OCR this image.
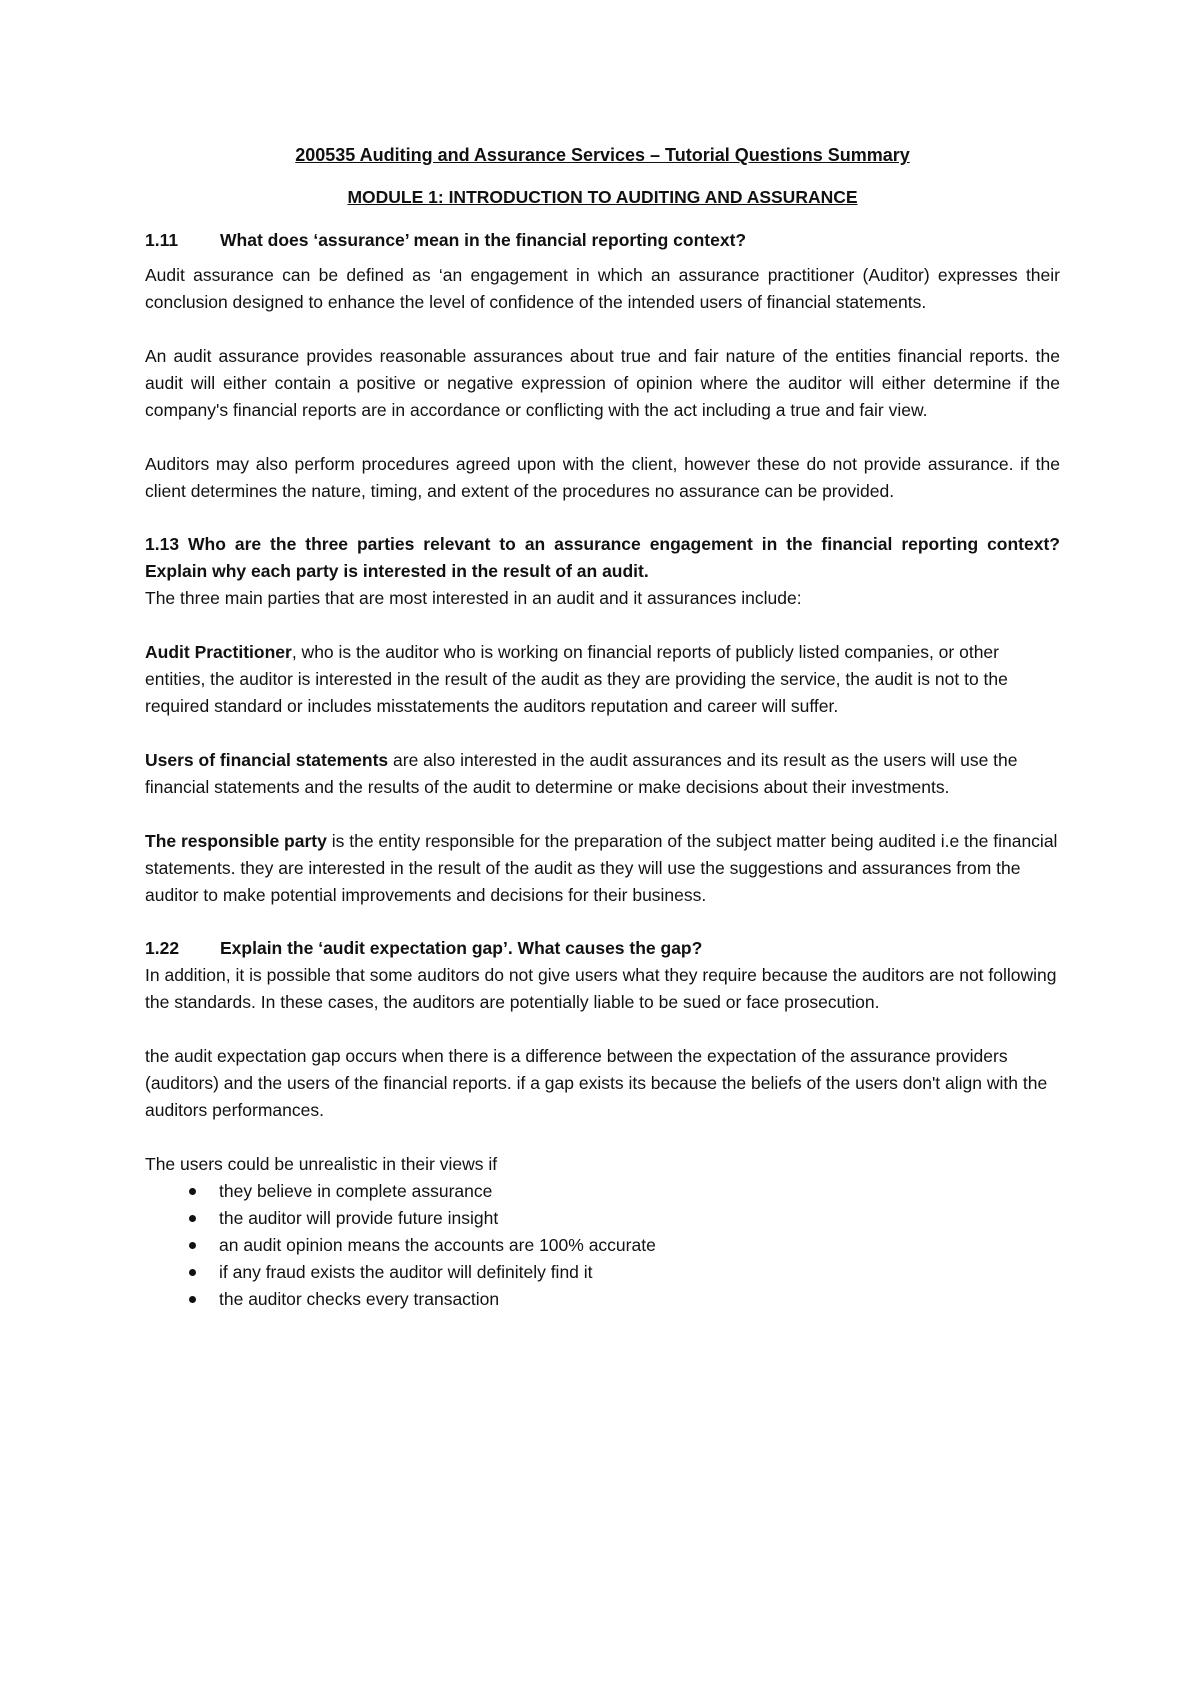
200535 Auditing and Assurance Services – Tutorial Questions Summary
MODULE 1: INTRODUCTION TO AUDITING AND ASSURANCE
1.11 What does ‘assurance’ mean in the financial reporting context?

Audit assurance can be defined as ‘an engagement in which an assurance practitioner (Auditor) expresses their conclusion designed to enhance the level of confidence of the intended users of financial statements.

An audit assurance provides reasonable assurances about true and fair nature of the entities financial reports. the audit will either contain a positive or negative expression of opinion where the auditor will either determine if the company's financial reports are in accordance or conflicting with the act including a true and fair view.

Auditors may also perform procedures agreed upon with the client, however these do not provide assurance. if the client determines the nature, timing, and extent of the procedures no assurance can be provided.

1.13 Who are the three parties relevant to an assurance engagement in the financial reporting context? Explain why each party is interested in the result of an audit.

The three main parties that are most interested in an audit and it assurances include:

Audit Practitioner, who is the auditor who is working on financial reports of publicly listed companies, or other entities, the auditor is interested in the result of the audit as they are providing the service, the audit is not to the required standard or includes misstatements the auditors reputation and career will suffer.

Users of financial statements are also interested in the audit assurances and its result as the users will use the financial statements and the results of the audit to determine or make decisions about their investments.

The responsible party is the entity responsible for the preparation of the subject matter being audited i.e the financial statements. they are interested in the result of the audit as they will use the suggestions and assurances from the auditor to make potential improvements and decisions for their business.

1.22 Explain the ‘audit expectation gap’. What causes the gap?

In addition, it is possible that some auditors do not give users what they require because the auditors are not following the standards. In these cases, the auditors are potentially liable to be sued or face prosecution.

the audit expectation gap occurs when there is a difference between the expectation of the assurance providers (auditors) and the users of the financial reports. if a gap exists its because the beliefs of the users don't align with the auditors performances.

The users could be unrealistic in their views if

they believe in complete assurance
the auditor will provide future insight
an audit opinion means the accounts are 100% accurate
if any fraud exists the auditor will definitely find it
the auditor checks every transaction
